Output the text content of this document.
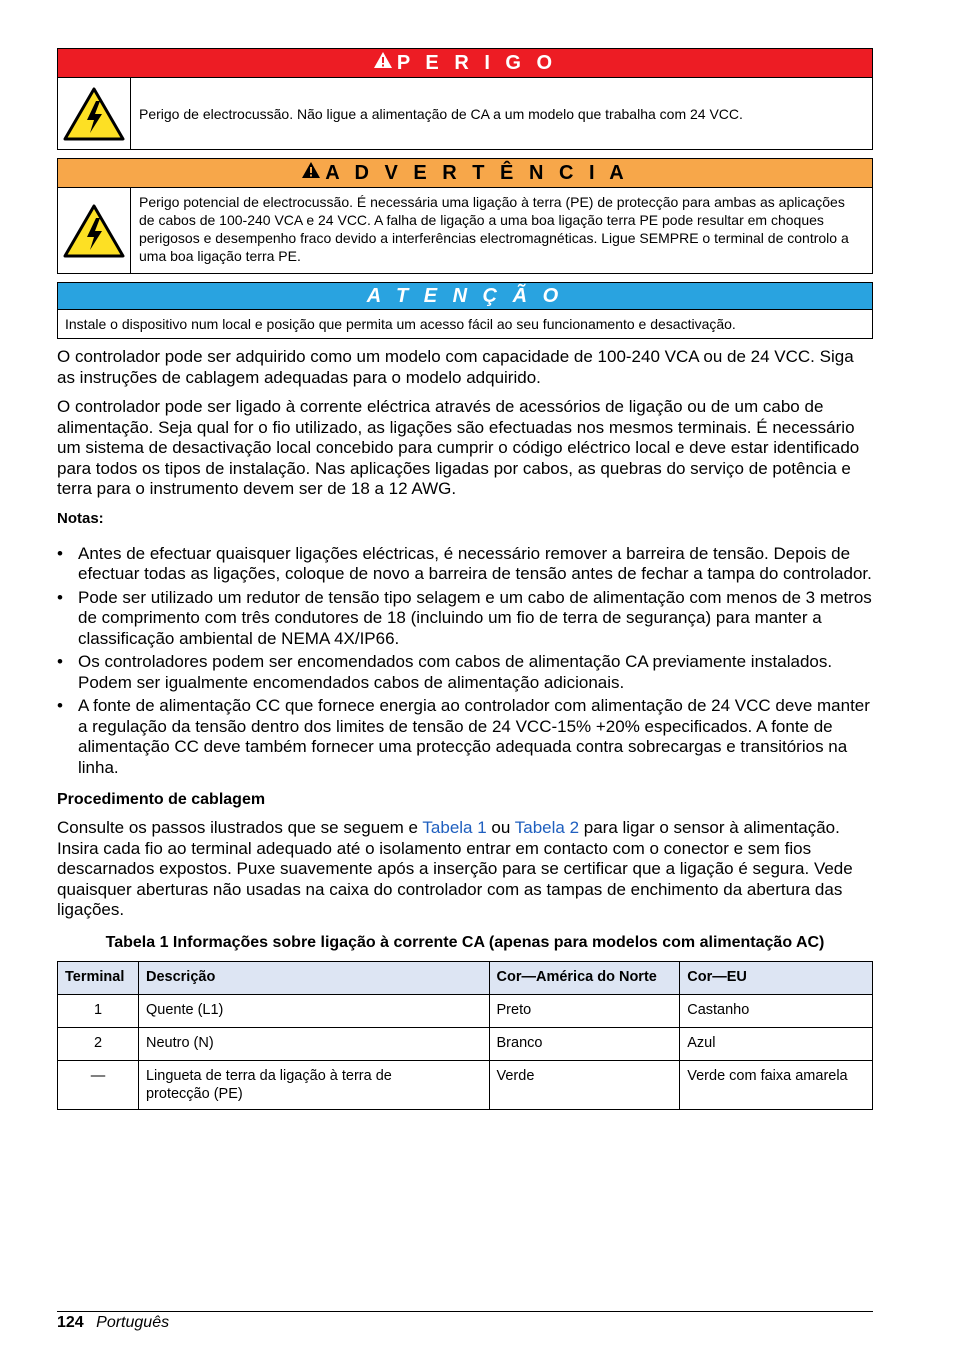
P E R I G O
Perigo de electrocussão. Não ligue a alimentação de CA a um modelo que trabalha com 24 VCC.
A D V E R T Ê N C I A
Perigo potencial de electrocussão. É necessária uma ligação à terra (PE) de protecção para ambas as aplicações de cabos de 100-240 VCA e 24 VCC. A falha de ligação a uma boa ligação terra PE pode resultar em choques perigosos e desempenho fraco devido a interferências electromagnéticas. Ligue SEMPRE o terminal de controlo a uma boa ligação terra PE.
A T E N Ç Ã O
Instale o dispositivo num local e posição que permita um acesso fácil ao seu funcionamento e desactivação.

O controlador pode ser adquirido como um modelo com capacidade de 100-240 VCA ou de 24 VCC. Siga as instruções de cablagem adequadas para o modelo adquirido.

O controlador pode ser ligado à corrente eléctrica através de acessórios de ligação ou de um cabo de alimentação. Seja qual for o fio utilizado, as ligações são efectuadas nos mesmos terminais. É necessário um sistema de desactivação local concebido para cumprir o código eléctrico local e deve estar identificado para todos os tipos de instalação. Nas aplicações ligadas por cabos, as quebras do serviço de potência e terra para o instrumento devem ser de 18 a 12 AWG.

Notas:
• Antes de efectuar quaisquer ligações eléctricas, é necessário remover a barreira de tensão. Depois de efectuar todas as ligações, coloque de novo a barreira de tensão antes de fechar a tampa do controlador.
• Pode ser utilizado um redutor de tensão tipo selagem e um cabo de alimentação com menos de 3 metros de comprimento com três condutores de 18 (incluindo um fio de terra de segurança) para manter a classificação ambiental de NEMA 4X/IP66.
• Os controladores podem ser encomendados com cabos de alimentação CA previamente instalados. Podem ser igualmente encomendados cabos de alimentação adicionais.
• A fonte de alimentação CC que fornece energia ao controlador com alimentação de 24 VCC deve manter a regulação da tensão dentro dos limites de tensão de 24 VCC-15% +20% especificados. A fonte de alimentação CC deve também fornecer uma protecção adequada contra sobrecargas e transitórios na linha.
Procedimento de cablagem

Consulte os passos ilustrados que se seguem e Tabela 1 ou Tabela 2 para ligar o sensor à alimentação. Insira cada fio ao terminal adequado até o isolamento entrar em contacto com o conector e sem fios descarnados expostos. Puxe suavemente após a inserção para se certificar que a ligação é segura. Vede quaisquer aberturas não usadas na caixa do controlador com as tampas de enchimento da abertura das ligações.

Tabela 1 Informações sobre ligação à corrente CA (apenas para modelos com alimentação AC)
Terminal	Descrição	Cor—América do Norte	Cor—EU
1	Quente (L1)	Preto	Castanho
2	Neutro (N)	Branco	Azul
—	Lingueta de terra da ligação à terra de protecção (PE)	Verde	Verde com faixa amarela
124 Português
